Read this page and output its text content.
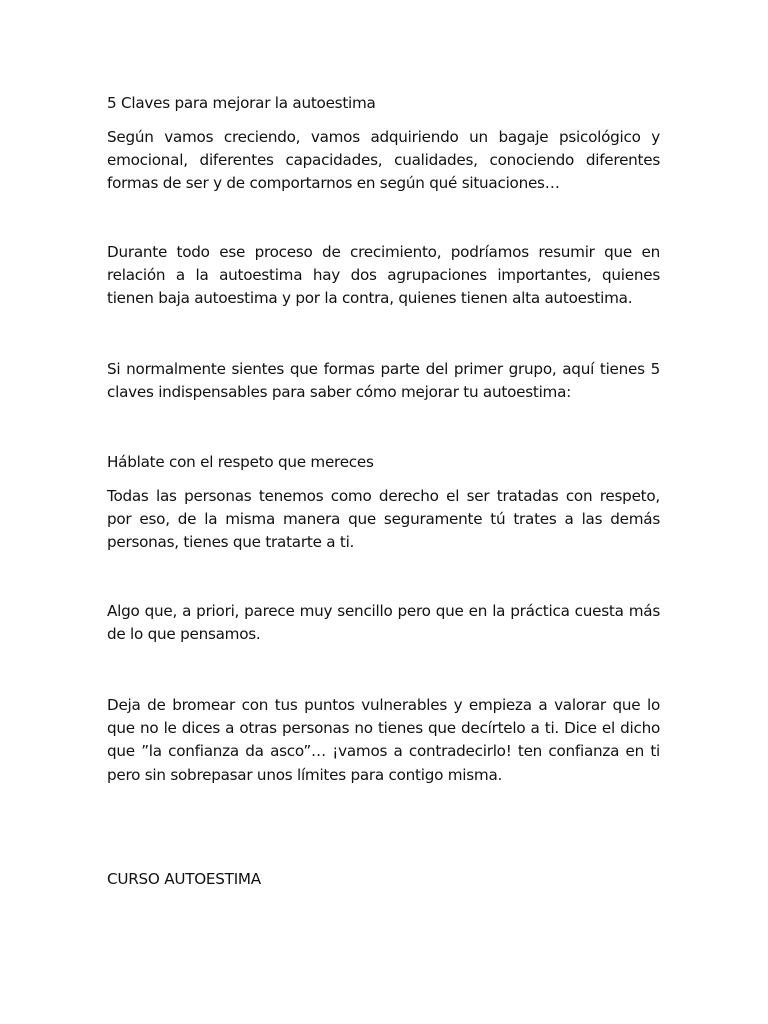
5 Claves para mejorar la autoestima

Según vamos creciendo, vamos adquiriendo un bagaje psicológico y emocional, diferentes capacidades, cualidades, conociendo diferentes formas de ser y de comportarnos en según qué situaciones…

Durante todo ese proceso de crecimiento, podríamos resumir que en relación a la autoestima hay dos agrupaciones importantes, quienes tienen baja autoestima y por la contra, quienes tienen alta autoestima.

Si normalmente sientes que formas parte del primer grupo, aquí tienes 5 claves indispensables para saber cómo mejorar tu autoestima:

Háblate con el respeto que mereces

Todas las personas tenemos como derecho el ser tratadas con respeto, por eso, de la misma manera que seguramente tú trates a las demás personas, tienes que tratarte a ti.

Algo que, a priori, parece muy sencillo pero que en la práctica cuesta más de lo que pensamos.

Deja de bromear con tus puntos vulnerables y empieza a valorar que lo que no le dices a otras personas no tienes que decírtelo a ti. Dice el dicho que ”la confianza da asco”… ¡vamos a contradecirlo! ten confianza en ti pero sin sobrepasar unos límites para contigo misma.

CURSO AUTOESTIMA
